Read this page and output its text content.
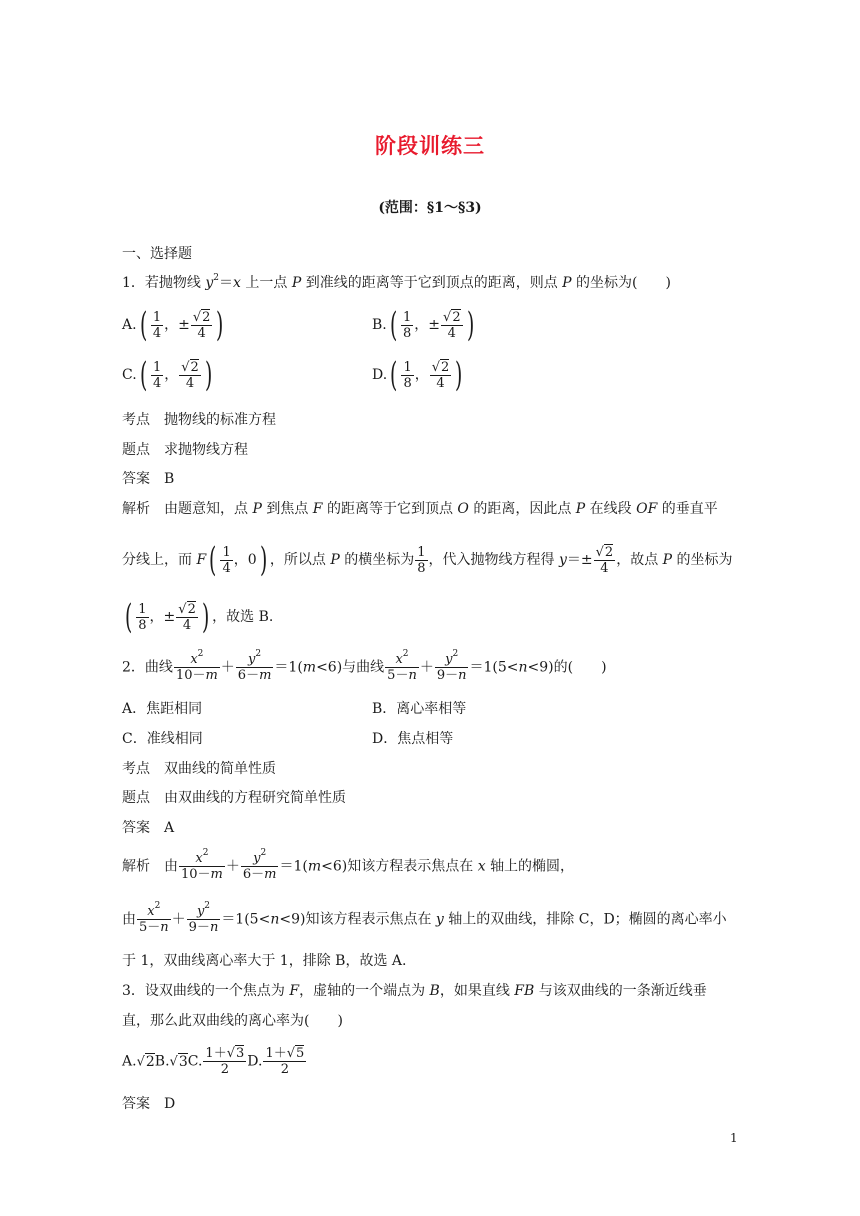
阶段训练三
(范围：§1～§3)
一、选择题
1．若抛物线 $y^2=x$ 上一点 P 到准线的距离等于它到顶点的距离，则点 P 的坐标为(　　)
$A.( \frac{1}{4}$ ，± $\frac{√2}{4}$ )	$B.( \frac{1}{8}$ ，± $\frac{√2}{4}$ )
$C.( \frac{1}{4}$ ， $\frac{√2}{4}$ )	$D.( \frac{1}{8}$ ， $\frac{√2}{4}$ )
考点　 抛物线的标准方程
题点　 求抛物线方程
答案　 B
解析　 由题意知，点 P 到焦点 F 的距离等于它到顶点 O 的距离，因此点 P 在线段 OF 的垂直平
分线上，而 $F( \frac{1}{4}$ ，0) ，所以点 P 的横坐标为 $\frac{1}{8}$ ，代入抛物线方程得 $y=\pm \frac{√2}{4}$ ，故点 P 的坐标为
( $\frac{1}{8}$ ，± $\frac{√2}{4}$ ) ，故选 B.
2．曲线 $\frac{x^2}{10-m} + \frac{y^2}{6-m} =1(m<6)$与曲线 $\frac{x^2}{5-n} + \frac{y^2}{9-n} =1(5<n<9)$的(　　)
A．焦距相同	B．离心率相等
C．准线相同	D．焦点相等
考点　 双曲线的简单性质
题点　 由双曲线的方程研究简单性质
答案　 A
解析　 由 $\frac{x^2}{10-m} + \frac{y^2}{6-m} =1(m<6)$知该方程表示焦点在 x 轴上的椭圆，
由 $\frac{x^2}{5-n} + \frac{y^2}{9-n} =1(5<n<9)$知该方程表示焦点在 y 轴上的双曲线，排除 C，D；椭圆的离心率小
于 1，双曲线离心率大于 1，排除 B，故选 A.
3．设双曲线的一个焦点为 F，虚轴的一个端点为 B，如果直线 FB 与该双曲线的一条渐近线垂
直，那么此双曲线的离心率为(　　)
A.√2B.√3C. $\frac{1+√3}{2} D$. $\frac{1+√5}{2}$
答案　 D
1
